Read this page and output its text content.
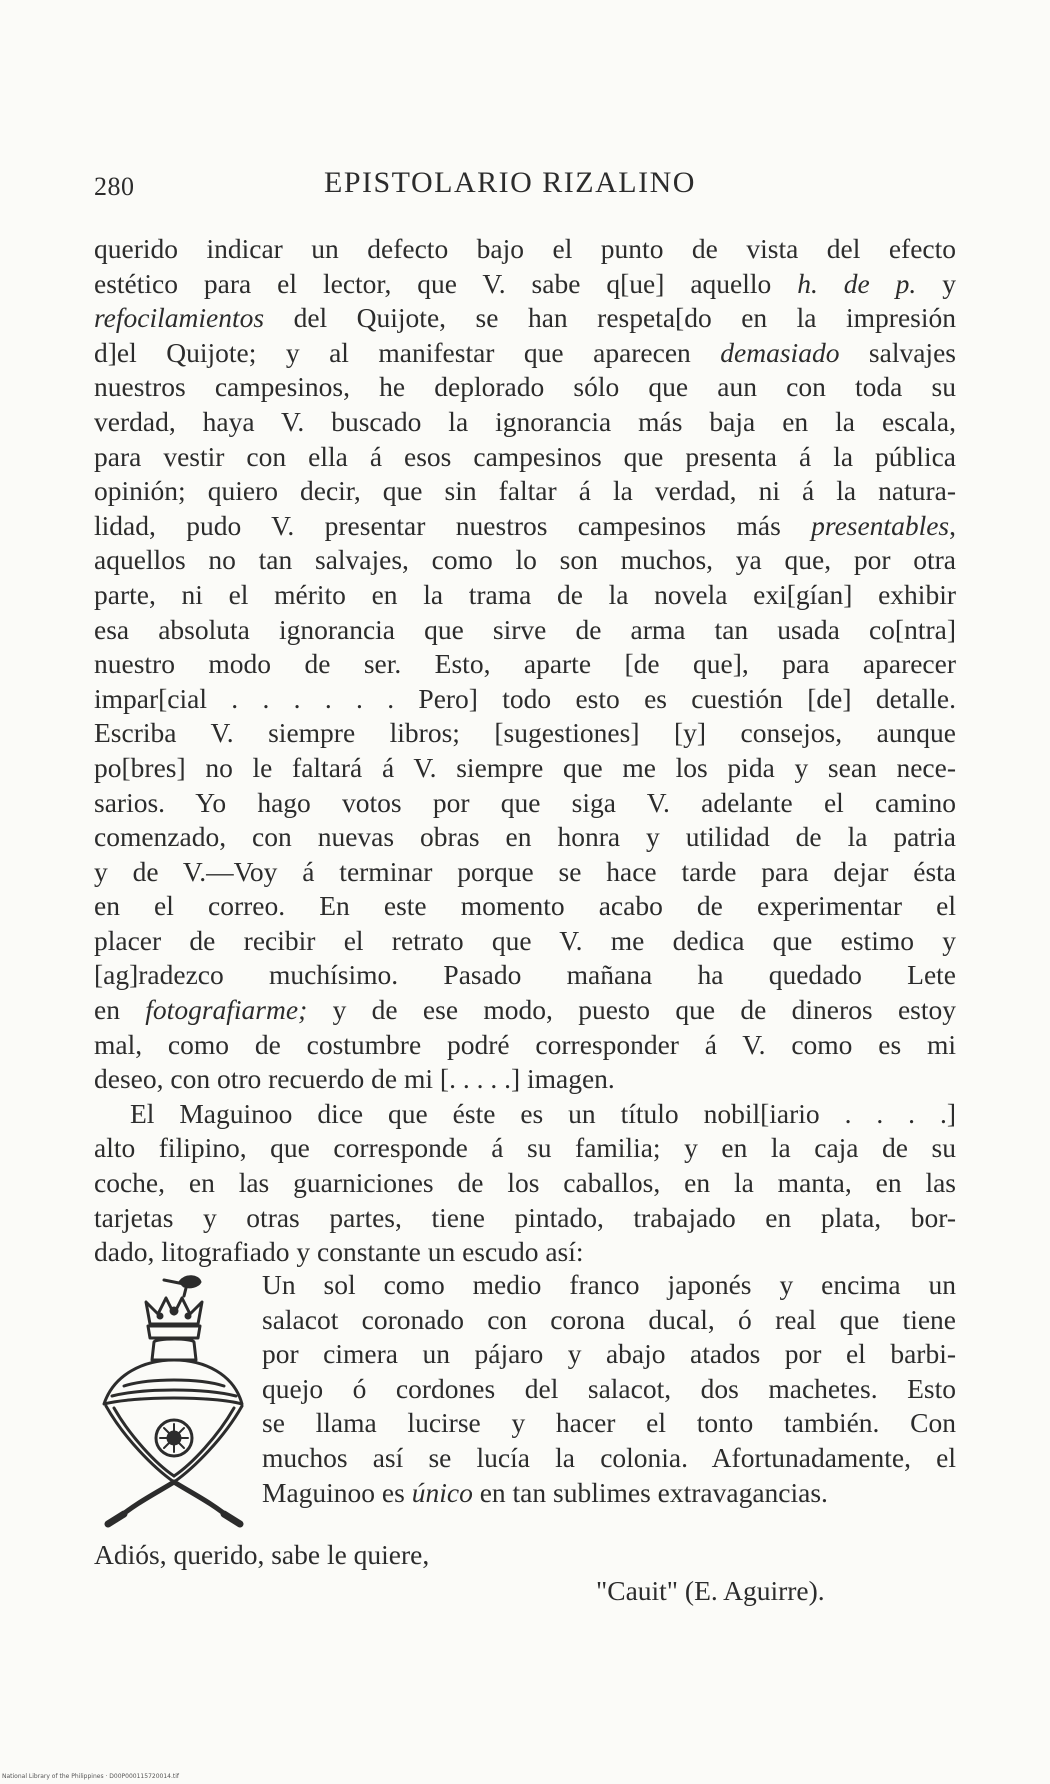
280	EPISTOLARIO RIZALINO
querido indicar un defecto bajo el punto de vista del efecto
estético para el lector, que V. sabe q[ue] aquello h. de p. y
refocilamientos del Quijote, se han respeta[do en la impresión
d]el Quijote; y al manifestar que aparecen demasiado salvajes
nuestros campesinos, he deplorado sólo que aun con toda su
verdad, haya V. buscado la ignorancia más baja en la escala,
para vestir con ella á esos campesinos que presenta á la pública
opinión; quiero decir, que sin faltar á la verdad, ni á la natura-
lidad, pudo V. presentar nuestros campesinos más presentables,
aquellos no tan salvajes, como lo son muchos, ya que, por otra
parte, ni el mérito en la trama de la novela exi[gían] exhibir
esa absoluta ignorancia que sirve de arma tan usada co[ntra]
nuestro modo de ser. Esto, aparte [de que], para aparecer
impar[cial . . . . . . Pero] todo esto es cuestión [de] detalle.
Escriba V. siempre libros; [sugestiones] [y] consejos, aunque
po[bres] no le faltará á V. siempre que me los pida y sean nece-
sarios. Yo hago votos por que siga V. adelante el camino
comenzado, con nuevas obras en honra y utilidad de la patria
y de V.—Voy á terminar porque se hace tarde para dejar ésta
en el correo. En este momento acabo de experimentar el
placer de recibir el retrato que V. me dedica que estimo y
[ag]radezco muchísimo. Pasado mañana ha quedado Lete
en fotografiarme; y de ese modo, puesto que de dineros estoy
mal, como de costumbre podré corresponder á V. como es mi
deseo, con otro recuerdo de mi [. . . . .] imagen.
El Maguinoo dice que éste es un título nobil[iario . . . .]
alto filipino, que corresponde á su familia; y en la caja de su
coche, en las guarniciones de los caballos, en la manta, en las
tarjetas y otras partes, tiene pintado, trabajado en plata, bor-
dado, litografiado y constante un escudo así:
Un sol como medio franco japonés y encima un
salacot coronado con corona ducal, ó real que tiene
por cimera un pájaro y abajo atados por el barbi-
quejo ó cordones del salacot, dos machetes. Esto
se llama lucirse y hacer el tonto también. Con
muchos así se lucía la colonia. Afortunadamente, el
Maguinoo es único en tan sublimes extravagancias.
Adiós, querido, sabe le quiere,
"Cauit" (E. Aguirre).
National Library of the Philippines · D00P000115720014.tif
